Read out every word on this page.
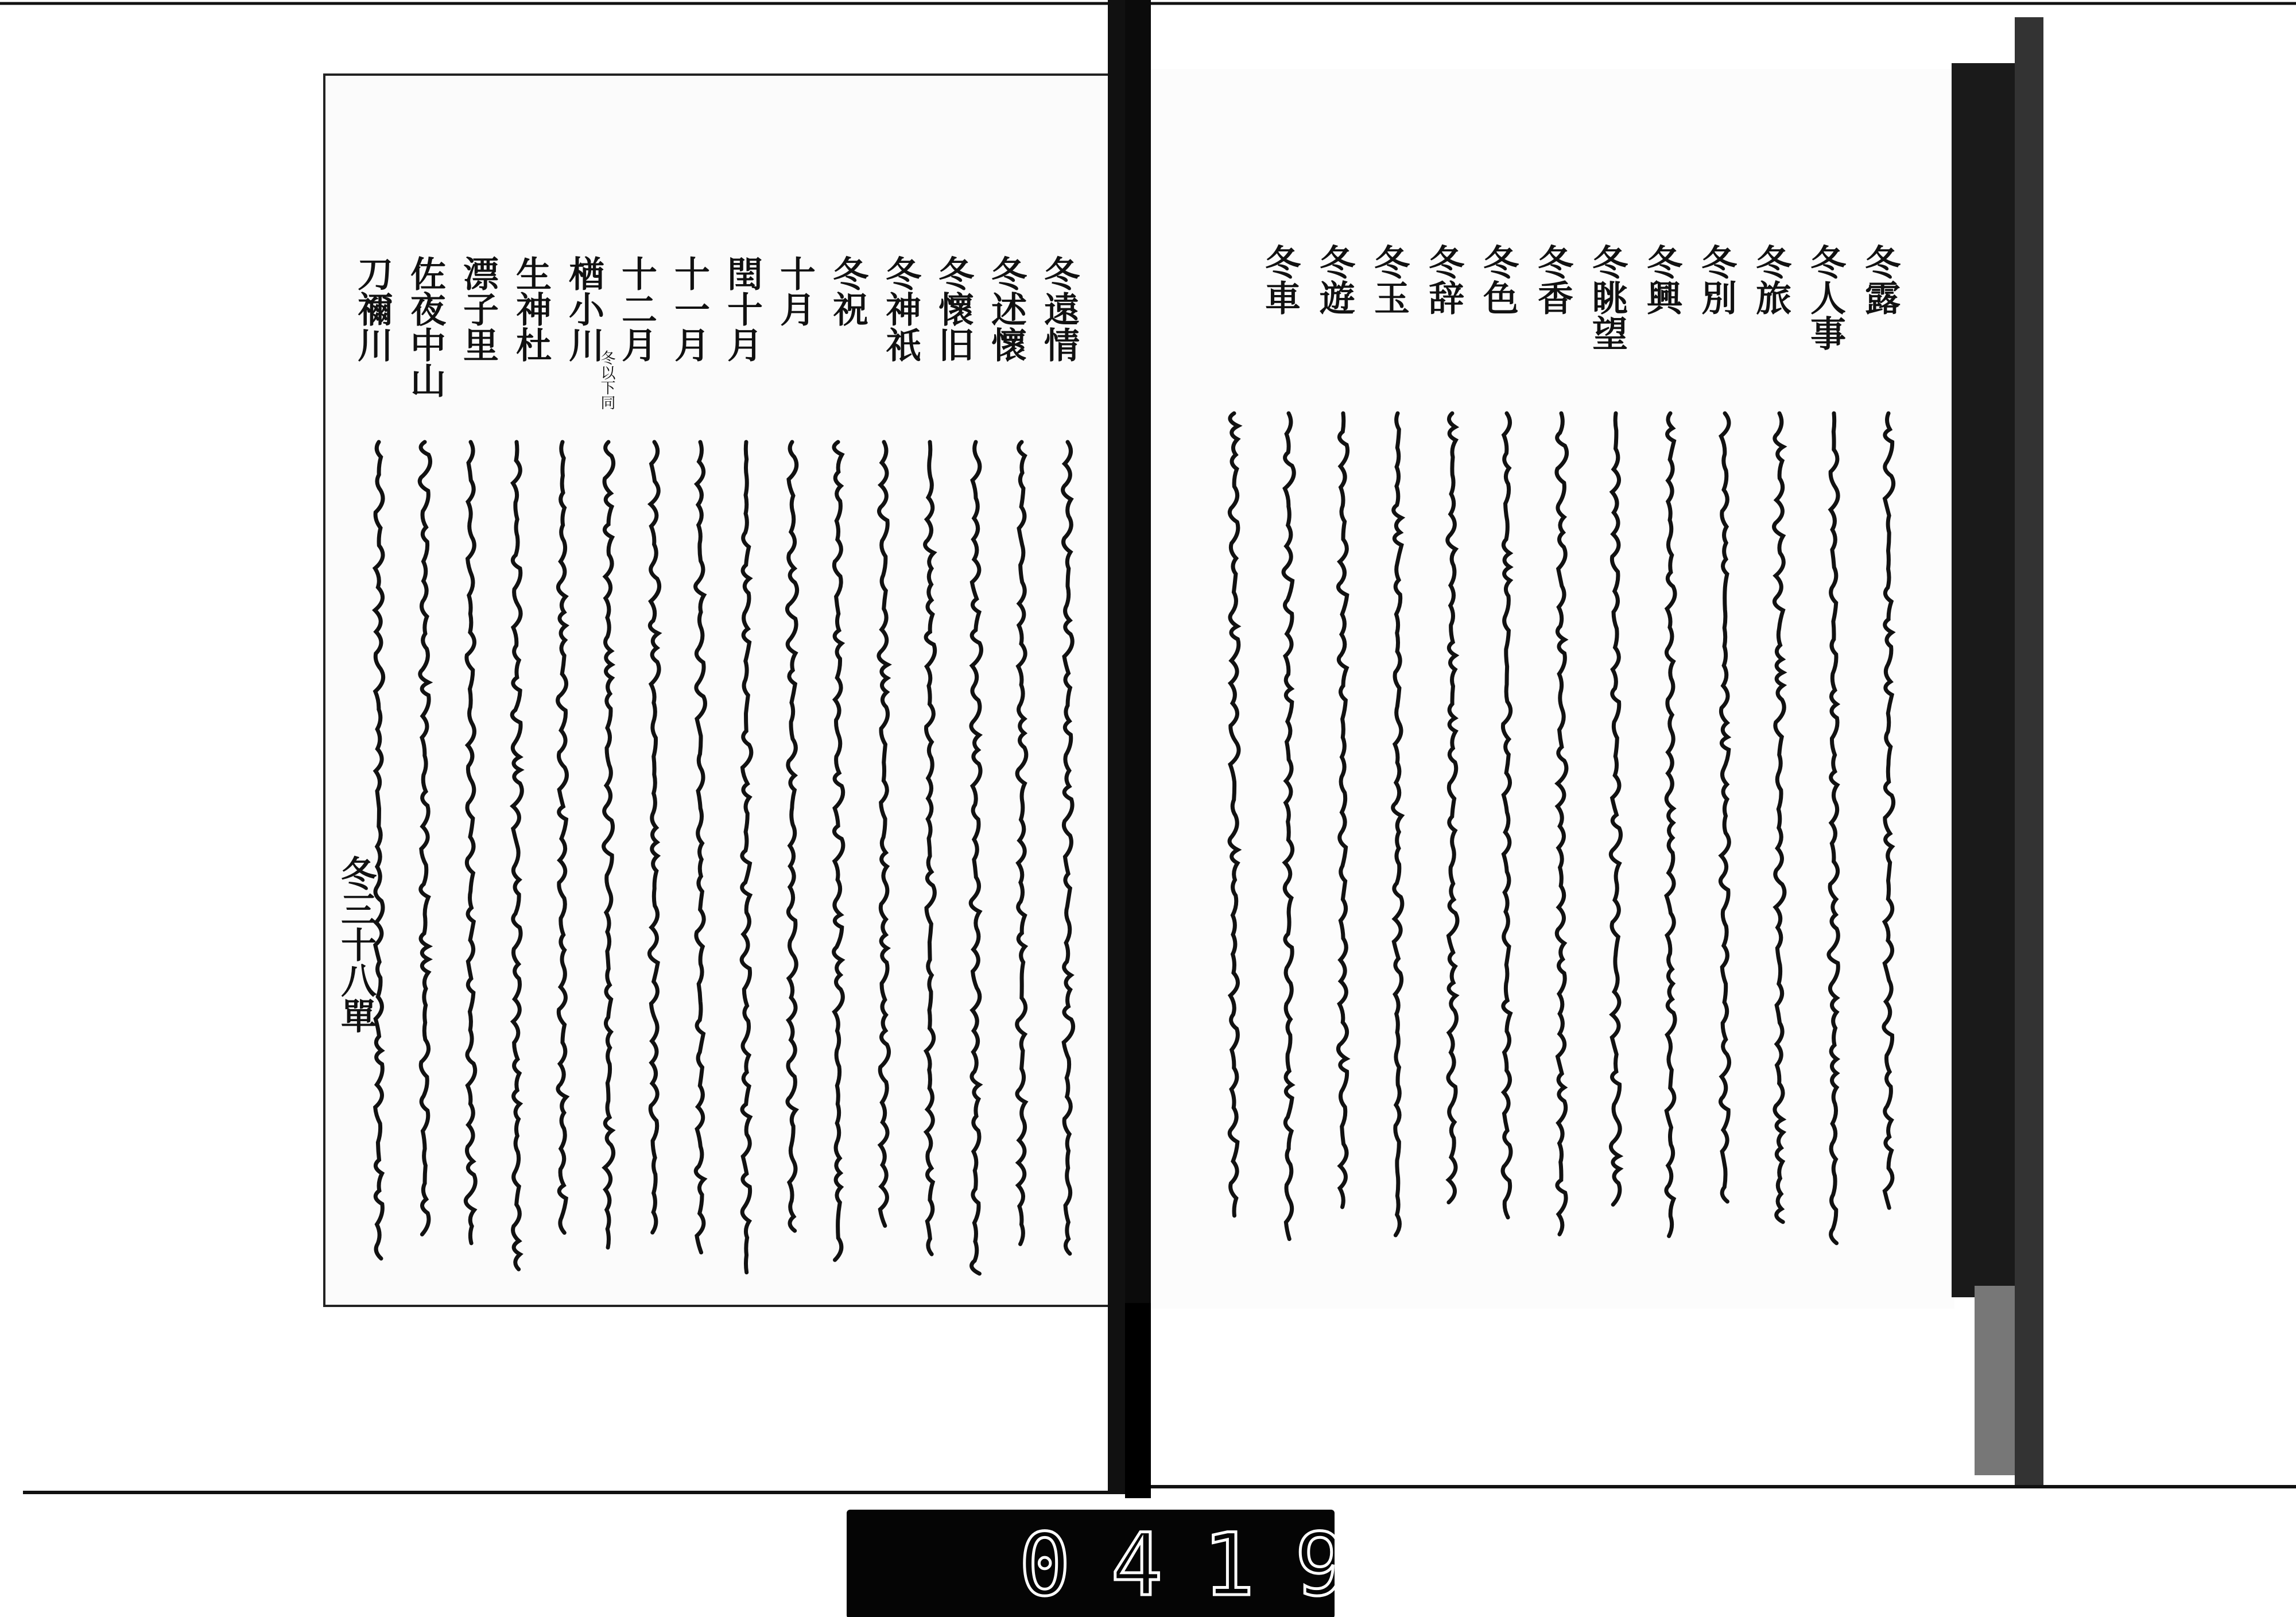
冬遠情
冬述懷
冬懷旧
冬神祇
冬祝
十月
閏十月
十一月
十二月
楢小川
生神杜
漂子里
佐夜中山
刀禰川
冬以下同
冬三十八單
冬露
冬人事
冬旅
冬別
冬興
冬眺望
冬香
冬色
冬辞
冬玉
冬遊
冬車
0419
